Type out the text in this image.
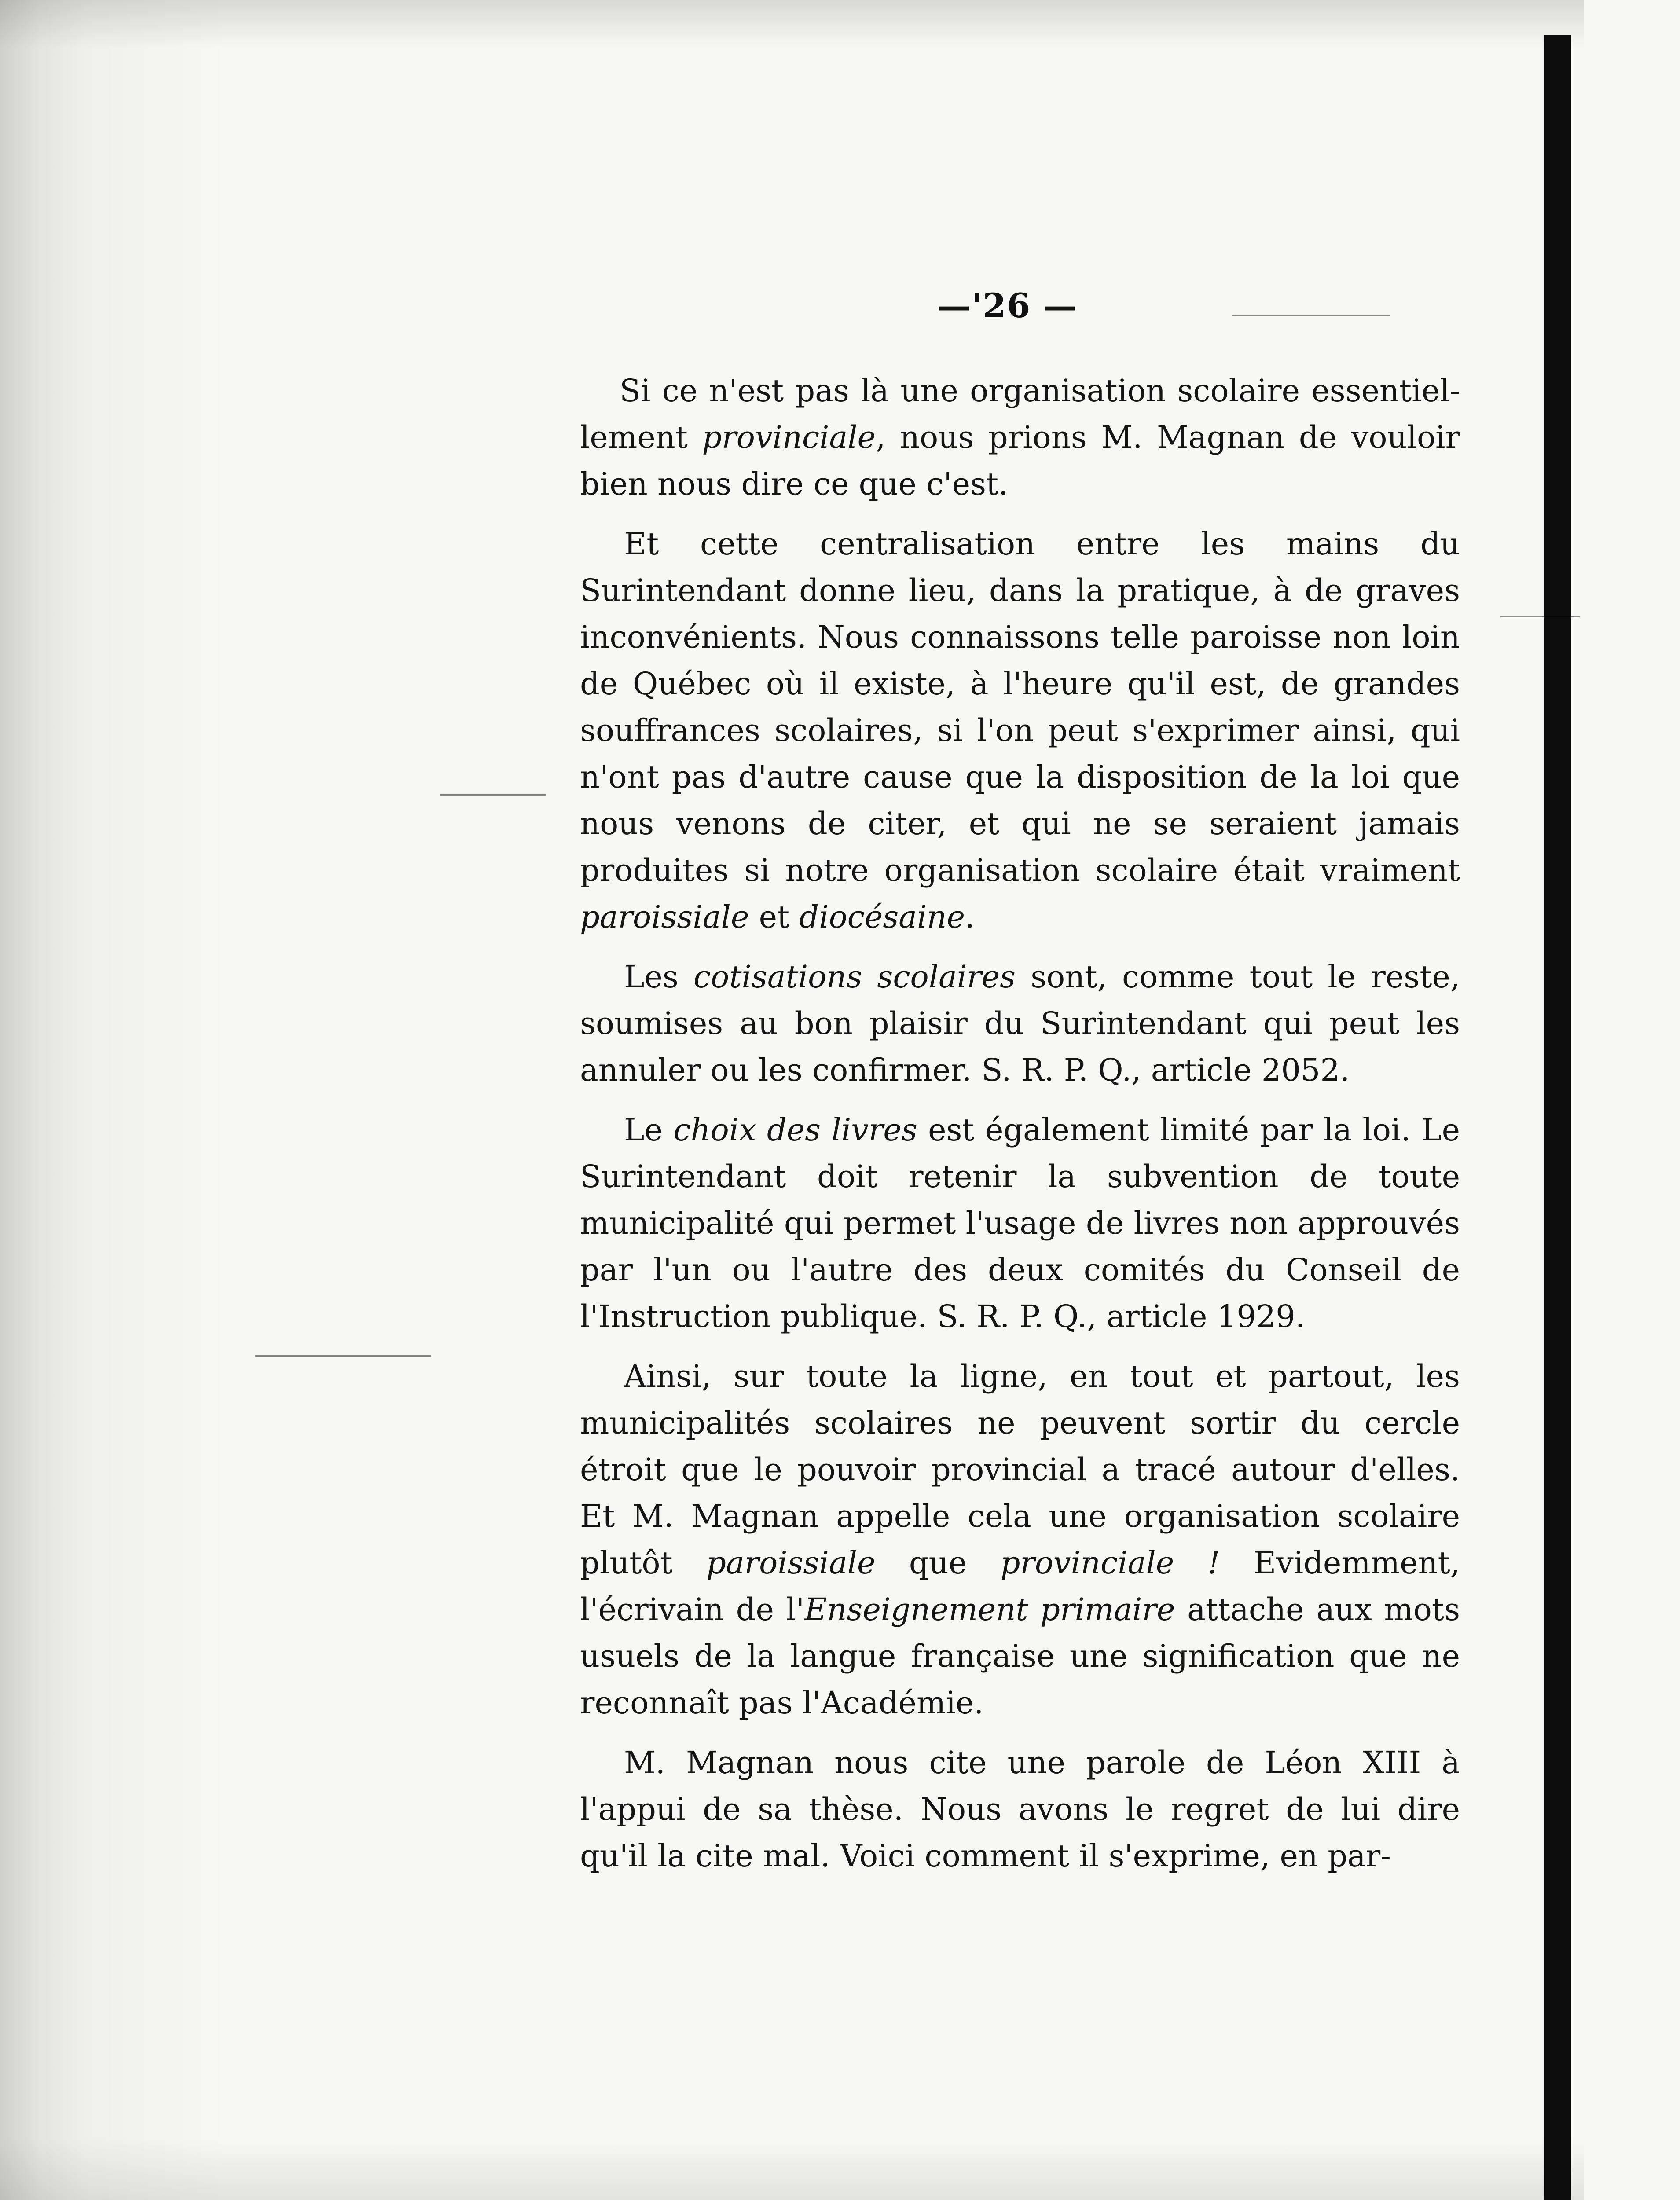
—'26 —

Si ce n'est pas là une organisation scolaire essentiel-lement provinciale, nous prions M. Magnan de vouloir bien nous dire ce que c'est.

Et cette centralisation entre les mains du Surintendant donne lieu, dans la pratique, à de graves inconvénients. Nous connaissons telle paroisse non loin de Québec où il existe, à l'heure qu'il est, de grandes souffrances scolaires, si l'on peut s'exprimer ainsi, qui n'ont pas d'autre cause que la disposition de la loi que nous venons de citer, et qui ne se seraient jamais produites si notre organisation scolaire était vraiment paroissiale et diocésaine.

Les cotisations scolaires sont, comme tout le reste, soumises au bon plaisir du Surintendant qui peut les annuler ou les confirmer. S. R. P. Q., article 2052.

Le choix des livres est également limité par la loi. Le Surintendant doit retenir la subvention de toute municipalité qui permet l'usage de livres non approuvés par l'un ou l'autre des deux comités du Conseil de l'Instruction publique. S. R. P. Q., article 1929.

Ainsi, sur toute la ligne, en tout et partout, les municipalités scolaires ne peuvent sortir du cercle étroit que le pouvoir provincial a tracé autour d'elles. Et M. Magnan appelle cela une organisation scolaire plutôt paroissiale que provinciale ! Evidemment, l'écrivain de l'Enseignement primaire attache aux mots usuels de la langue française une signification que ne reconnaît pas l'Académie.

M. Magnan nous cite une parole de Léon XIII à l'appui de sa thèse. Nous avons le regret de lui dire qu'il la cite mal. Voici comment il s'exprime, en par-
